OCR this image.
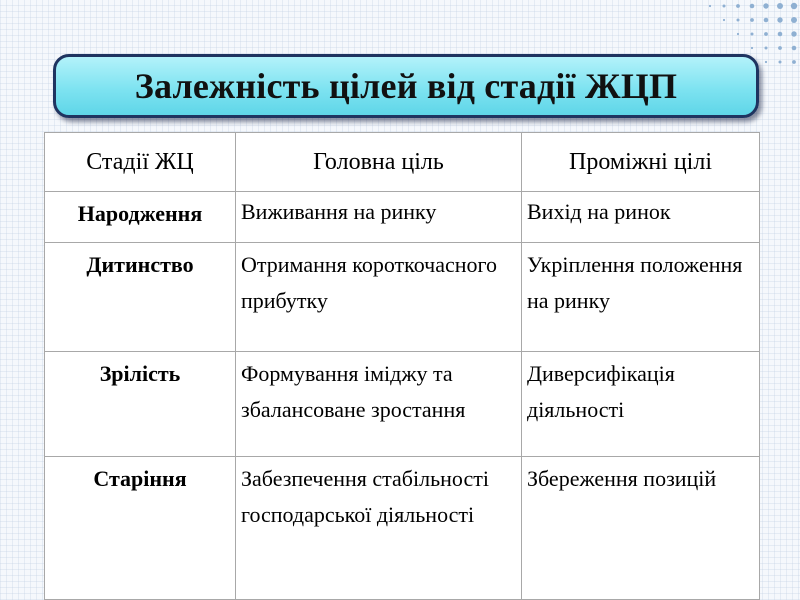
Залежність цілей від стадії ЖЦП
Стадії ЖЦ	Головна ціль	Проміжні цілі
Народження	Виживання на ринку	Вихід на ринок
Дитинство	Отримання короткочасного прибутку	Укріплення положення на ринку
Зрілість	Формування іміджу та збалансоване зростання	Диверсифікація діяльності
Старіння	Забезпечення стабільності господарської діяльності	Збереження позицій
